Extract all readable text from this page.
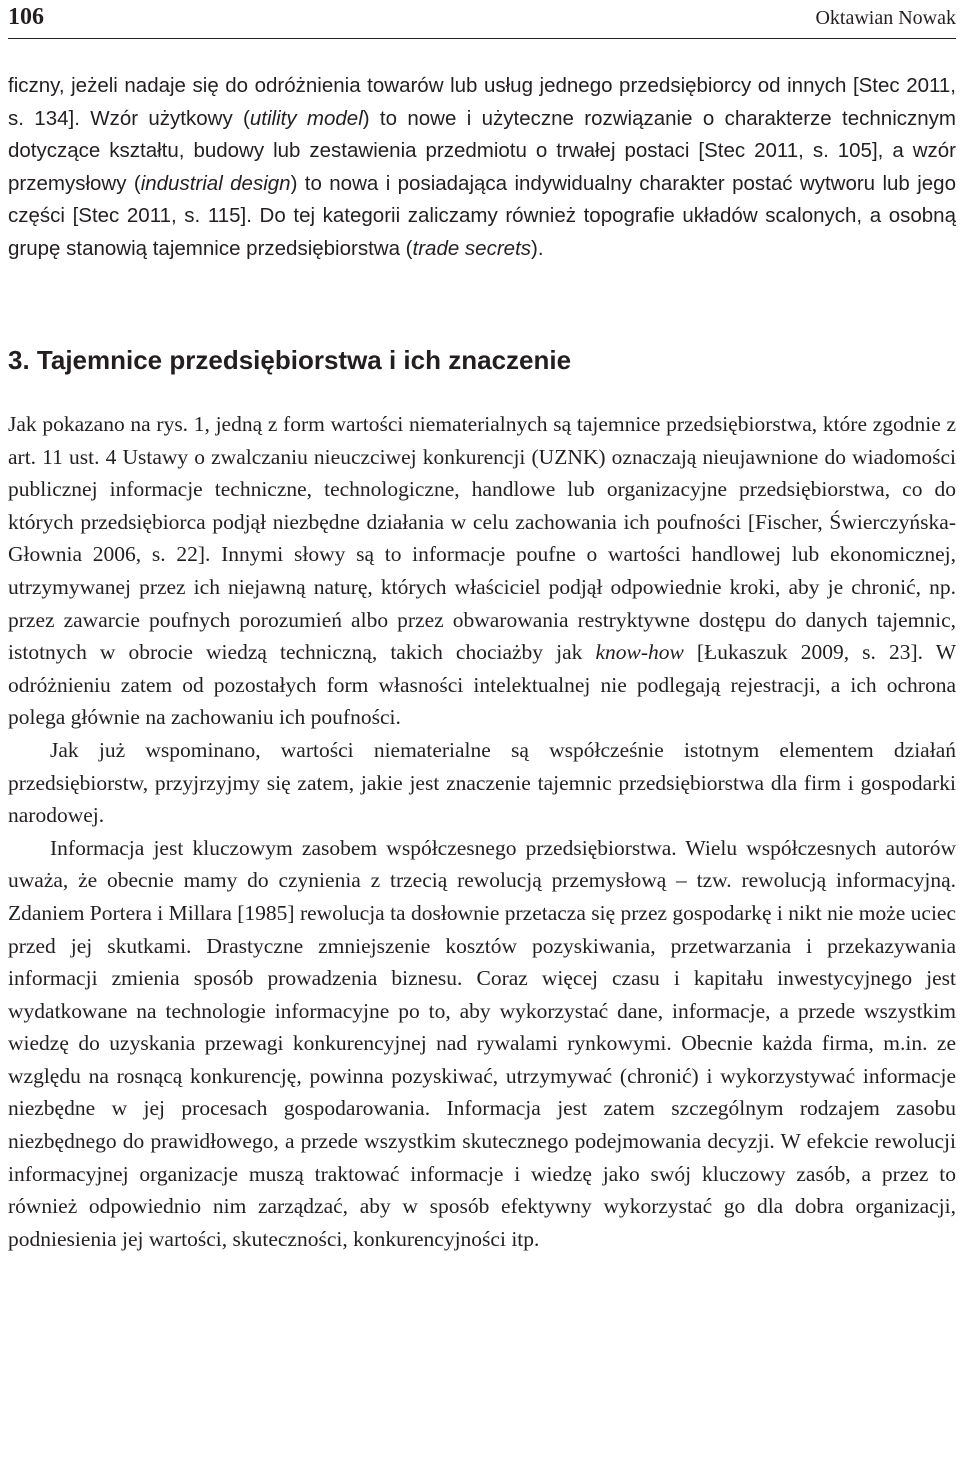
106	Oktawian Nowak

ficzny, jeżeli nadaje się do odróżnienia towarów lub usług jednego przedsiębiorcy od innych [Stec 2011, s. 134]. Wzór użytkowy (utility model) to nowe i użyteczne rozwiązanie o charakterze technicznym dotyczące kształtu, budowy lub zestawienia przedmiotu o trwałej postaci [Stec 2011, s. 105], a wzór przemysłowy (industrial design) to nowa i posiadająca indywidualny charakter postać wytworu lub jego części [Stec 2011, s. 115]. Do tej kategorii zaliczamy również topografie układów scalonych, a osobną grupę stanowią tajemnice przedsiębiorstwa (trade secrets).

3. Tajemnice przedsiębiorstwa i ich znaczenie

Jak pokazano na rys. 1, jedną z form wartości niematerialnych są tajemnice przedsiębiorstwa, które zgodnie z art. 11 ust. 4 Ustawy o zwalczaniu nieuczciwej konkurencji (UZNK) oznaczają nieujawnione do wiadomości publicznej informacje techniczne, technologiczne, handlowe lub organizacyjne przedsiębiorstwa, co do których przedsiębiorca podjął niezbędne działania w celu zachowania ich poufności [Fischer, Świerczyńska-Głownia 2006, s. 22]. Innymi słowy są to informacje poufne o wartości handlowej lub ekonomicznej, utrzymywanej przez ich niejawną naturę, których właściciel podjął odpowiednie kroki, aby je chronić, np. przez zawarcie poufnych porozumień albo przez obwarowania restryktywne dostępu do danych tajemnic, istotnych w obrocie wiedzą techniczną, takich chociażby jak know-how [Łukaszuk 2009, s. 23]. W odróżnieniu zatem od pozostałych form własności intelektualnej nie podlegają rejestracji, a ich ochrona polega głównie na zachowaniu ich poufności.

Jak już wspominano, wartości niematerialne są współcześnie istotnym elementem działań przedsiębiorstw, przyjrzyjmy się zatem, jakie jest znaczenie tajemnic przedsiębiorstwa dla firm i gospodarki narodowej.

Informacja jest kluczowym zasobem współczesnego przedsiębiorstwa. Wielu współczesnych autorów uważa, że obecnie mamy do czynienia z trzecią rewolucją przemysłową – tzw. rewolucją informacyjną. Zdaniem Portera i Millara [1985] rewolucja ta dosłownie przetacza się przez gospodarkę i nikt nie może uciec przed jej skutkami. Drastyczne zmniejszenie kosztów pozyskiwania, przetwarzania i przekazywania informacji zmienia sposób prowadzenia biznesu. Coraz więcej czasu i kapitału inwestycyjnego jest wydatkowane na technologie informacyjne po to, aby wykorzystać dane, informacje, a przede wszystkim wiedzę do uzyskania przewagi konkurencyjnej nad rywalami rynkowymi. Obecnie każda firma, m.in. ze względu na rosnącą konkurencję, powinna pozyskiwać, utrzymywać (chronić) i wykorzystywać informacje niezbędne w jej procesach gospodarowania. Informacja jest zatem szczególnym rodzajem zasobu niezbędnego do prawidłowego, a przede wszystkim skutecznego podejmowania decyzji. W efekcie rewolucji informacyjnej organizacje muszą traktować informacje i wiedzę jako swój kluczowy zasób, a przez to również odpowiednio nim zarządzać, aby w sposób efektywny wykorzystać go dla dobra organizacji, podniesienia jej wartości, skuteczności, konkurencyjności itp.
